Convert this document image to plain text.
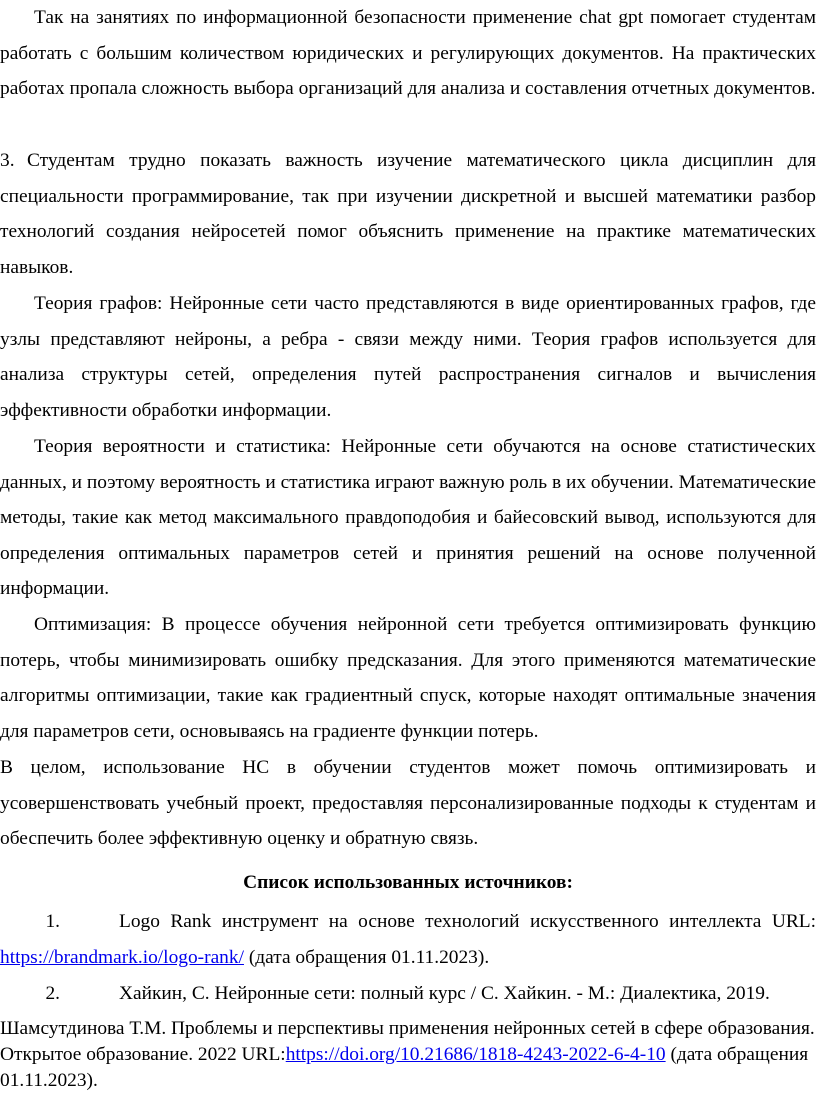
Так на занятиях по информационной безопасности применение chat gpt помогает студентам работать с большим количеством юридических и регулирующих документов. На практических работах пропала сложность выбора организаций для анализа и составления отчетных документов.

3. Студентам трудно показать важность изучение математического цикла дисциплин для специальности программирование, так при изучении дискретной и высшей математики разбор технологий создания нейросетей помог объяснить применение на практике математических навыков.

Теория графов: Нейронные сети часто представляются в виде ориентированных графов, где узлы представляют нейроны, а ребра - связи между ними. Теория графов используется для анализа структуры сетей, определения путей распространения сигналов и вычисления эффективности обработки информации.

Теория вероятности и статистика: Нейронные сети обучаются на основе статистических данных, и поэтому вероятность и статистика играют важную роль в их обучении. Математические методы, такие как метод максимального правдоподобия и байесовский вывод, используются для определения оптимальных параметров сетей и принятия решений на основе полученной информации.

Оптимизация: В процессе обучения нейронной сети требуется оптимизировать функцию потерь, чтобы минимизировать ошибку предсказания. Для этого применяются математические алгоритмы оптимизации, такие как градиентный спуск, которые находят оптимальные значения для параметров сети, основываясь на градиенте функции потерь.

В целом, использование НС в обучении студентов может помочь оптимизировать и усовершенствовать учебный проект, предоставляя персонализированные подходы к студентам и обеспечить более эффективную оценку и обратную связь.

Список использованных источников:

1.	Logo Rank инструмент на основе технологий искусственного интеллекта URL: https://brandmark.io/logo-rank/ (дата обращения 01.11.2023).

2.	Хайкин, С. Нейронные сети: полный курс / С. Хайкин. - М.: Диалектика, 2019.

Шамсутдинова Т.М. Проблемы и перспективы применения нейронных сетей в сфере образования. Открытое образование. 2022 URL:https://doi.org/10.21686/1818-4243-2022-6-4-10 (дата обращения 01.11.2023).
